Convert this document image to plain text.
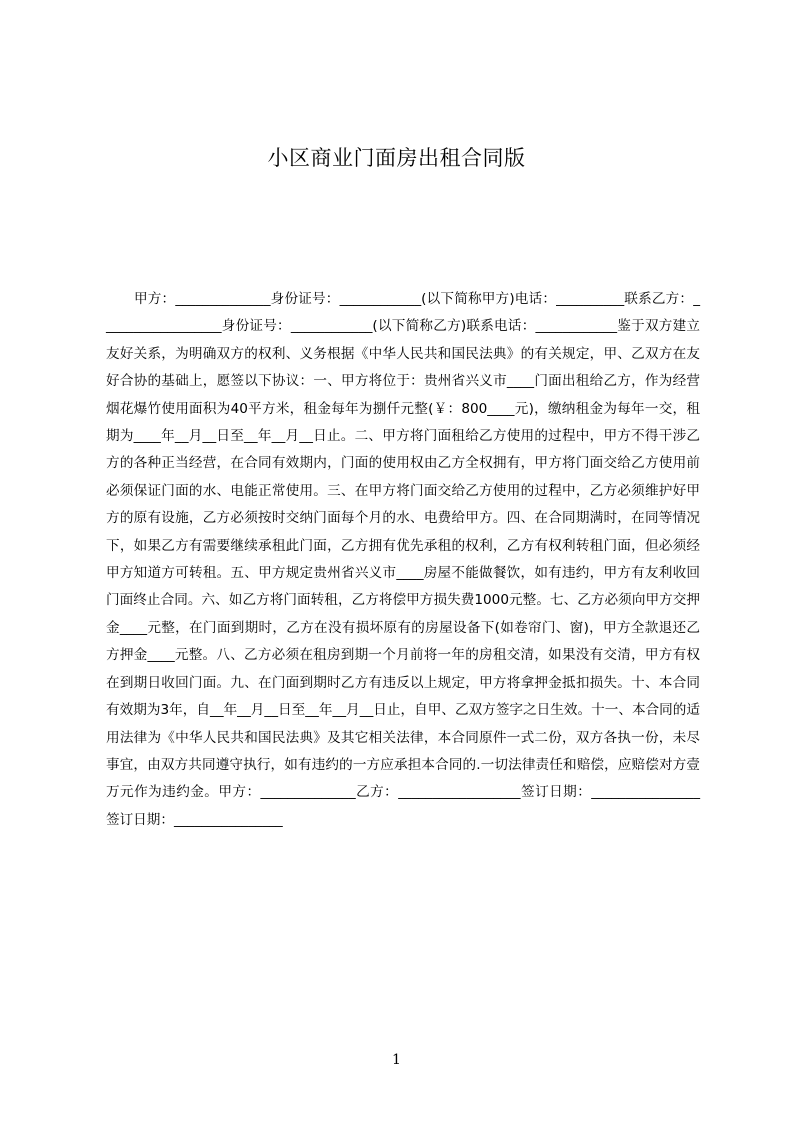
小区商业门面房出租合同版

甲方：______________身份证号：____________(以下简称甲方)电话：__________联系乙方：__________________身份证号：____________(以下简称乙方)联系电话：____________鉴于双方建立友好关系，为明确双方的权利、义务根据《中华人民共和国民法典》的有关规定，甲、乙双方在友好合协的基础上，愿签以下协议：一、甲方将位于：贵州省兴义市____门面出租给乙方，作为经营烟花爆竹使用面积为40平方米，租金每年为捌仟元整(￥：800____元)，缴纳租金为每年一交，租期为____年__月__日至__年__月__日止。二、甲方将门面租给乙方使用的过程中，甲方不得干涉乙方的各种正当经营，在合同有效期内，门面的使用权由乙方全权拥有，甲方将门面交给乙方使用前必须保证门面的水、电能正常使用。三、在甲方将门面交给乙方使用的过程中，乙方必须维护好甲方的原有设施，乙方必须按时交纳门面每个月的水、电费给甲方。四、在合同期满时，在同等情况下，如果乙方有需要继续承租此门面，乙方拥有优先承租的权利，乙方有权利转租门面，但必须经甲方知道方可转租。五、甲方规定贵州省兴义市____房屋不能做餐饮，如有违约，甲方有友利收回门面终止合同。六、如乙方将门面转租，乙方将偿甲方损失费1000元整。七、乙方必须向甲方交押金____元整，在门面到期时，乙方在没有损坏原有的房屋设备下(如卷帘门、窗)，甲方全款退还乙方押金____元整。八、乙方必须在租房到期一个月前将一年的房租交清，如果没有交清，甲方有权在到期日收回门面。九、在门面到期时乙方有违反以上规定，甲方将拿押金抵扣损失。十、本合同有效期为3年，自__年__月__日至__年__月__日止，自甲、乙双方签字之日生效。十一、本合同的适用法律为《中华人民共和国民法典》及其它相关法律，本合同原件一式二份，双方各执一份，未尽事宜，由双方共同遵守执行，如有违约的一方应承担本合同的.一切法律责任和赔偿，应赔偿对方壹万元作为违约金。甲方：______________乙方：__________________签订日期：________________签订日期：________________

1
